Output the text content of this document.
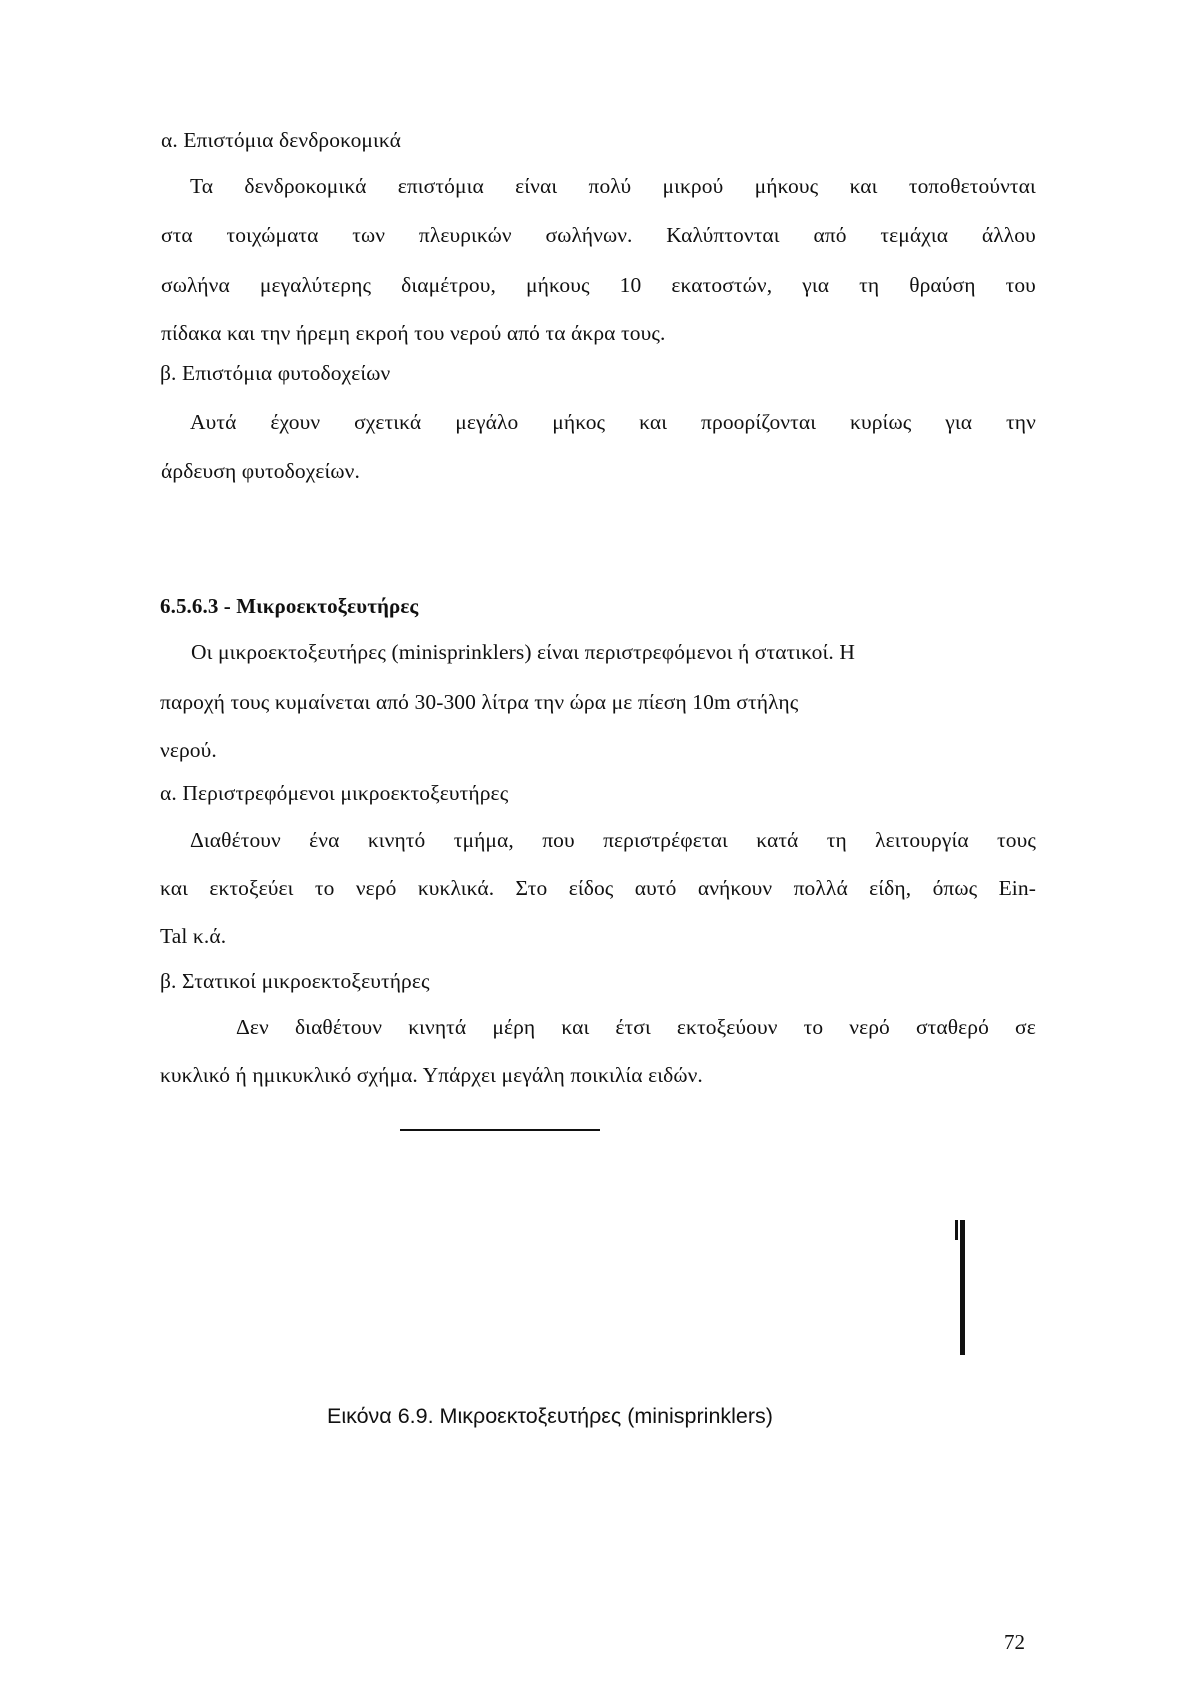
α. Επιστόμια δενδροκομικά
Τα δενδροκομικά επιστόμια είναι πολύ μικρού μήκους και τοποθετούνται
στα τοιχώματα των πλευρικών σωλήνων. Καλύπτονται από τεμάχια άλλου
σωλήνα μεγαλύτερης διαμέτρου, μήκους 10 εκατοστών, για τη θραύση του
πίδακα και την ήρεμη εκροή του νερού από τα άκρα τους.
β. Επιστόμια φυτοδοχείων
Αυτά έχουν σχετικά μεγάλο μήκος και προορίζονται κυρίως για την
άρδευση φυτοδοχείων.
6.5.6.3 - Μικροεκτοξευτήρες
Οι μικροεκτοξευτήρες (minisprinklers) είναι περιστρεφόμενοι ή στατικοί. Η
παροχή τους κυμαίνεται από 30-300 λίτρα την ώρα με πίεση 10m στήλης
νερού.
α. Περιστρεφόμενοι μικροεκτοξευτήρες
Διαθέτουν ένα κινητό τμήμα, που περιστρέφεται κατά τη λειτουργία τους
και εκτοξεύει το νερό κυκλικά. Στο είδος αυτό ανήκουν πολλά είδη, όπως Ein-
Tal κ.ά.
β. Στατικοί μικροεκτοξευτήρες
Δεν διαθέτουν κινητά μέρη και έτσι εκτοξεύουν το νερό σταθερό σε
κυκλικό ή ημικυκλικό σχήμα. Υπάρχει μεγάλη ποικιλία ειδών.
Εικόνα 6.9. Μικροεκτοξευτήρες (minisprinklers)
72
